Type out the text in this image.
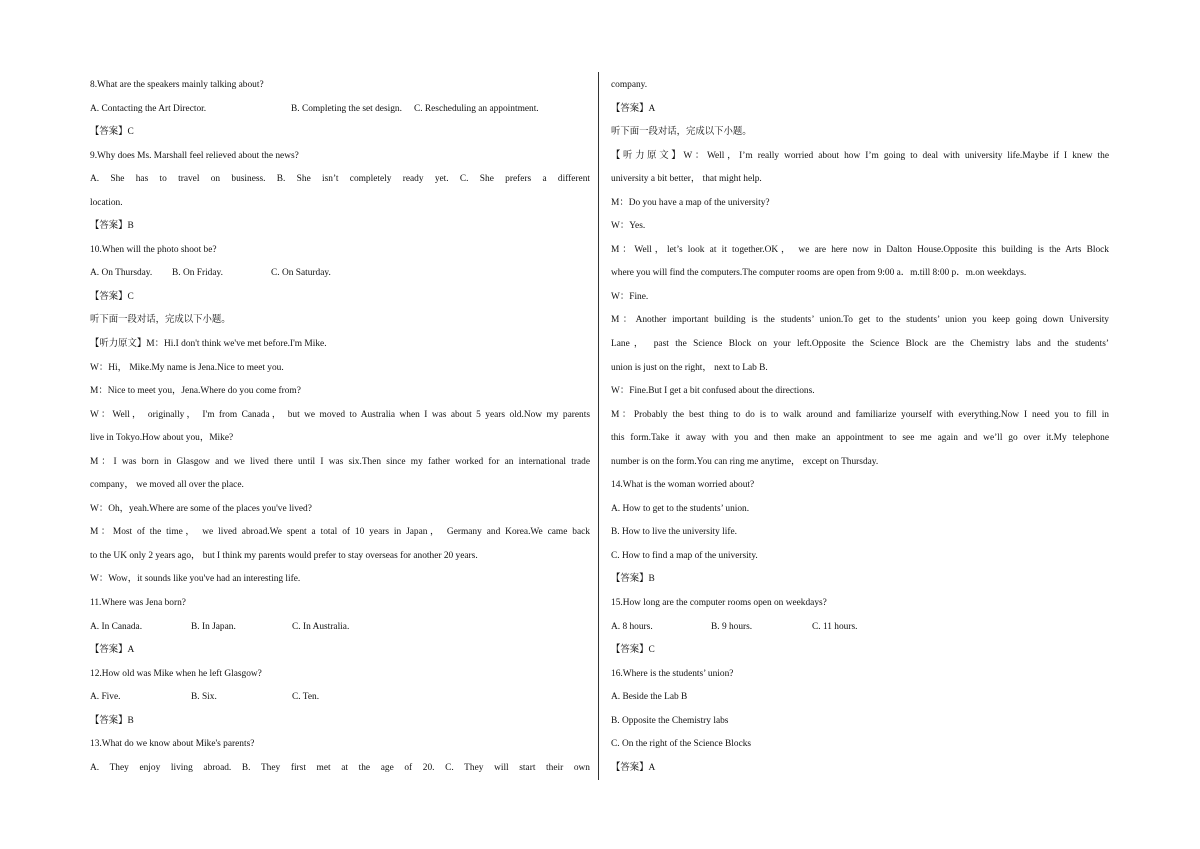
8.What are the speakers mainly talking about?
A. Contacting the Art Director.	B. Completing the set design. C. Rescheduling an appointment.
【答案】C
9.Why does Ms. Marshall feel relieved about the news?
A. She has to travel on business. B. She isn’t completely ready yet. C. She prefers a different
location.
【答案】B
10.When will the photo shoot be?
A. On Thursday.	B. On Friday.	C. On Saturday.
【答案】C
听下面一段对话，完成以下小题。
【听力原文】M：Hi.I don't think we've met before.I'm Mike.
W：Hi， Mike.My name is Jena.Nice to meet you.
M：Nice to meet you，Jena.Where do you come from?
W：Well， originally， I'm from Canada， but we moved to Australia when I was about 5 years old.Now my parents
live in Tokyo.How about you，Mike?
M：I was born in Glasgow and we lived there until I was six.Then since my father worked for an international trade
company， we moved all over the place.
W：Oh，yeah.Where are some of the places you've lived?
M：Most of the time， we lived abroad.We spent a total of 10 years in Japan， Germany and Korea.We came back
to the UK only 2 years ago， but I think my parents would prefer to stay overseas for another 20 years.
W：Wow，it sounds like you've had an interesting life.
11.Where was Jena born?
A. In Canada.	B. In Japan.	C. In Australia.
【答案】A
12.How old was Mike when he left Glasgow?
A. Five.	B. Six.	C. Ten.
【答案】B
13.What do we know about Mike's parents?
A. They enjoy living abroad. B. They first met at the age of 20. C. They will start their own
company.
【答案】A
听下面一段对话，完成以下小题。
【听力原文】W：Well，I’m really worried about how I’m going to deal with university life.Maybe if I knew the
university a bit better， that might help.
M：Do you have a map of the university?
W：Yes.
M：Well，let’s look at it together.OK， we are here now in Dalton House.Opposite this building is the Arts Block
where you will find the computers.The computer rooms are open from 9:00 a．m.till 8:00 p．m.on weekdays.
W：Fine.
M：Another important building is the students’ union.To get to the students’ union you keep going down University
Lane， past the Science Block on your left.Opposite the Science Block are the Chemistry labs and the students’
union is just on the right， next to Lab B.
W：Fine.But I get a bit confused about the directions.
M：Probably the best thing to do is to walk around and familiarize yourself with everything.Now I need you to fill in
this form.Take it away with you and then make an appointment to see me again and we’ll go over it.My telephone
number is on the form.You can ring me anytime， except on Thursday.
14.What is the woman worried about?
A. How to get to the students’ union.
B. How to live the university life.
C. How to find a map of the university.
【答案】B
15.How long are the computer rooms open on weekdays?
A. 8 hours.	B. 9 hours.	C. 11 hours.
【答案】C
16.Where is the students’ union?
A. Beside the Lab B
B. Opposite the Chemistry labs
C. On the right of the Science Blocks
【答案】A
